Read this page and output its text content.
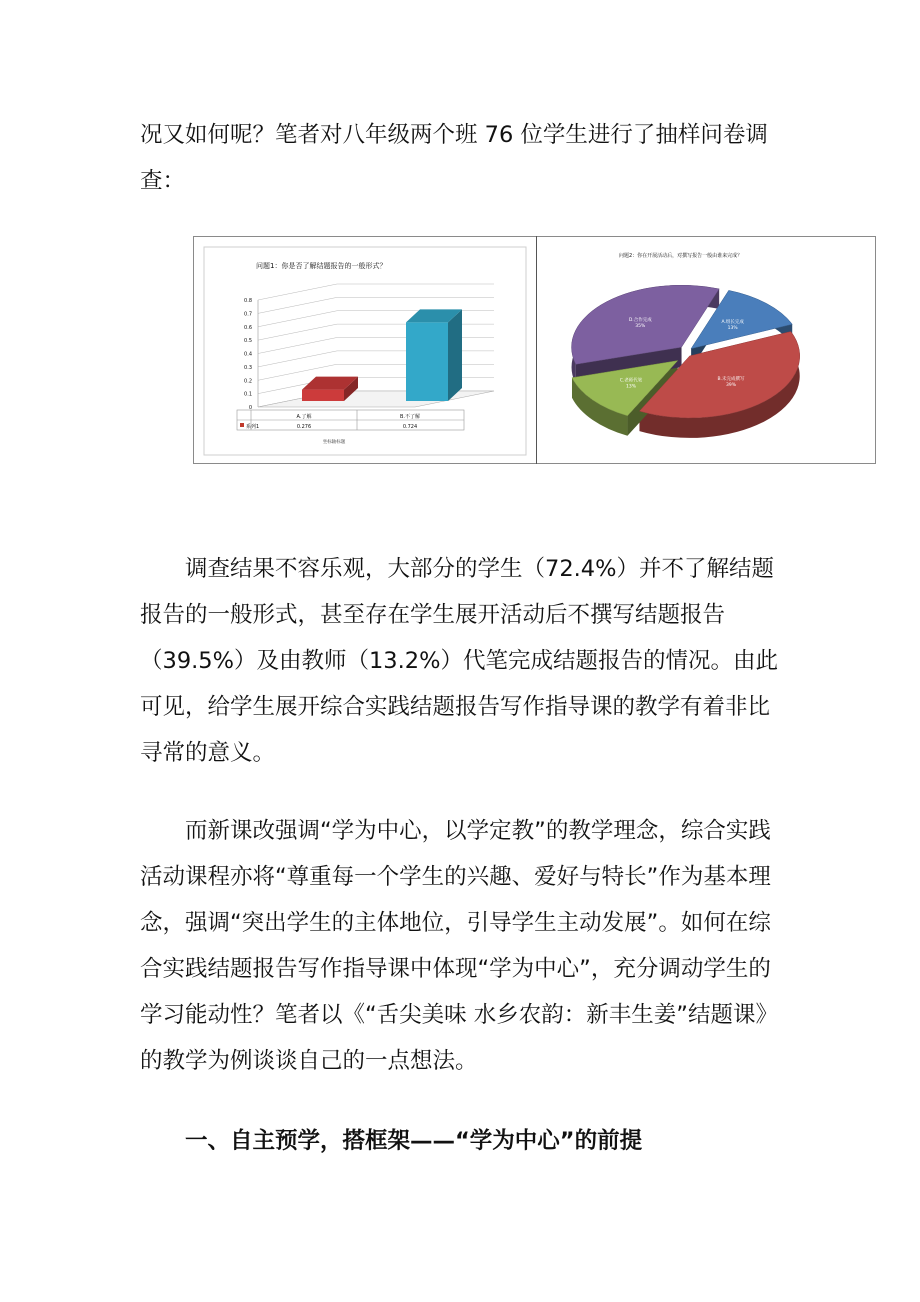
况又如何呢？笔者对八年级两个班 76 位学生进行了抽样问卷调查：

问题1：你是否了解结题报告的一般形式？
0
0.1
0.2
0.3
0.4
0.5
0.6
0.7
0.8
A.了解
0.276
B.不了解
0.724
系列1
坐标轴标题
问题2：你在开展活动后，对撰写报告一般由谁来完成？
A.组长完成
13%
B.未完成撰写
39%
C.老师代笔
13%
D.合作完成
35%

调查结果不容乐观，大部分的学生（72.4%）并不了解结题报告的一般形式，甚至存在学生展开活动后不撰写结题报告（39.5%）及由教师（13.2%）代笔完成结题报告的情况。由此可见，给学生展开综合实践结题报告写作指导课的教学有着非比寻常的意义。

而新课改强调“学为中心，以学定教”的教学理念，综合实践活动课程亦将“尊重每一个学生的兴趣、爱好与特长”作为基本理念，强调“突出学生的主体地位，引导学生主动发展”。如何在综合实践结题报告写作指导课中体现“学为中心”，充分调动学生的学习能动性？笔者以《“舌尖美味 水乡农韵：新丰生姜”结题课》的教学为例谈谈自己的一点想法。

一、自主预学，搭框架——“学为中心”的前提
